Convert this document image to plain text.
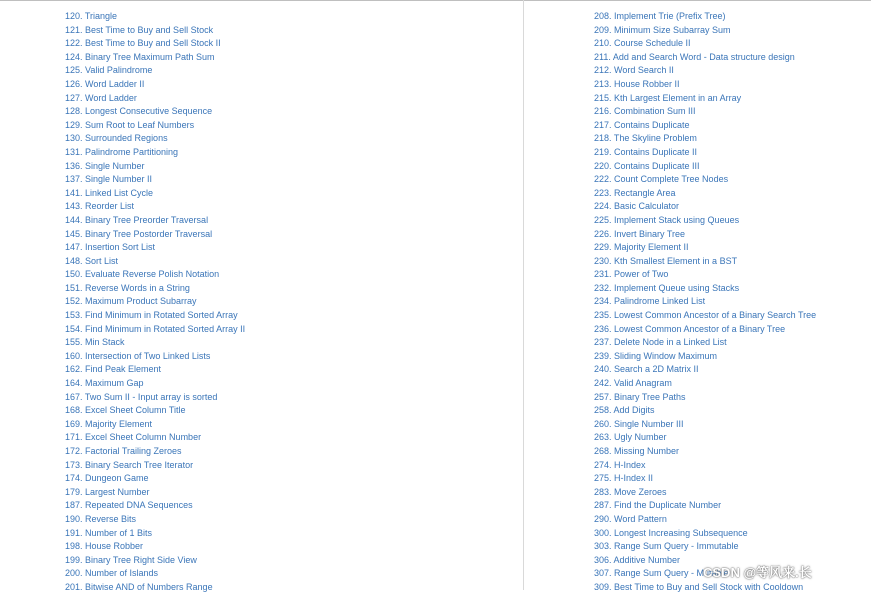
120. Triangle
121. Best Time to Buy and Sell Stock
122. Best Time to Buy and Sell Stock II
124. Binary Tree Maximum Path Sum
125. Valid Palindrome
126. Word Ladder II
127. Word Ladder
128. Longest Consecutive Sequence
129. Sum Root to Leaf Numbers
130. Surrounded Regions
131. Palindrome Partitioning
136. Single Number
137. Single Number II
141. Linked List Cycle
143. Reorder List
144. Binary Tree Preorder Traversal
145. Binary Tree Postorder Traversal
147. Insertion Sort List
148. Sort List
150. Evaluate Reverse Polish Notation
151. Reverse Words in a String
152. Maximum Product Subarray
153. Find Minimum in Rotated Sorted Array
154. Find Minimum in Rotated Sorted Array II
155. Min Stack
160. Intersection of Two Linked Lists
162. Find Peak Element
164. Maximum Gap
167. Two Sum II - Input array is sorted
168. Excel Sheet Column Title
169. Majority Element
171. Excel Sheet Column Number
172. Factorial Trailing Zeroes
173. Binary Search Tree Iterator
174. Dungeon Game
179. Largest Number
187. Repeated DNA Sequences
190. Reverse Bits
191. Number of 1 Bits
198. House Robber
199. Binary Tree Right Side View
200. Number of Islands
201. Bitwise AND of Numbers Range
208. Implement Trie (Prefix Tree)
209. Minimum Size Subarray Sum
210. Course Schedule II
211. Add and Search Word - Data structure design
212. Word Search II
213. House Robber II
215. Kth Largest Element in an Array
216. Combination Sum III
217. Contains Duplicate
218. The Skyline Problem
219. Contains Duplicate II
220. Contains Duplicate III
222. Count Complete Tree Nodes
223. Rectangle Area
224. Basic Calculator
225. Implement Stack using Queues
226. Invert Binary Tree
229. Majority Element II
230. Kth Smallest Element in a BST
231. Power of Two
232. Implement Queue using Stacks
234. Palindrome Linked List
235. Lowest Common Ancestor of a Binary Search Tree
236. Lowest Common Ancestor of a Binary Tree
237. Delete Node in a Linked List
239. Sliding Window Maximum
240. Search a 2D Matrix II
242. Valid Anagram
257. Binary Tree Paths
258. Add Digits
260. Single Number III
263. Ugly Number
268. Missing Number
274. H-Index
275. H-Index II
283. Move Zeroes
287. Find the Duplicate Number
290. Word Pattern
300. Longest Increasing Subsequence
303. Range Sum Query - Immutable
306. Additive Number
307. Range Sum Query - Mutable
309. Best Time to Buy and Sell Stock with Cooldown
CSDN @等风来.长
